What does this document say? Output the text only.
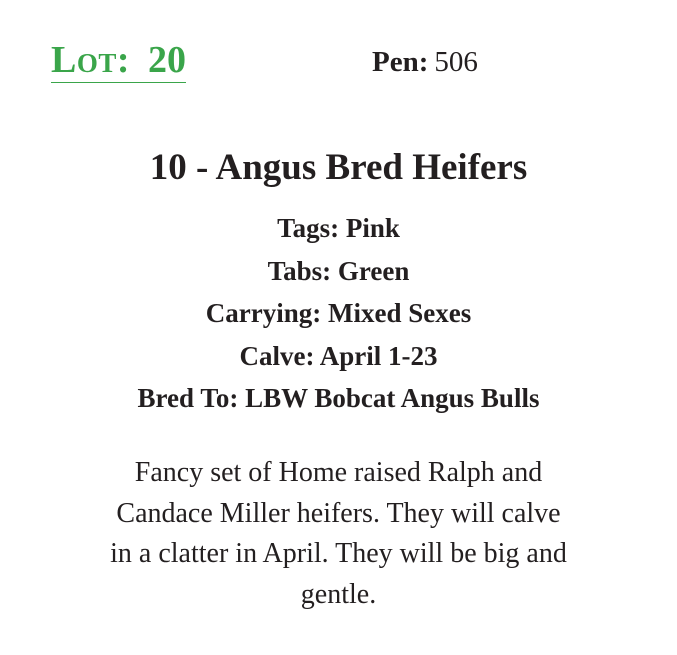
Lot: 20	Pen: 506
10 - Angus Bred Heifers
Tags: Pink
Tabs: Green
Carrying: Mixed Sexes
Calve: April 1-23
Bred To: LBW Bobcat Angus Bulls
Fancy set of Home raised Ralph and
Candace Miller heifers. They will calve
in a clatter in April. They will be big and
gentle.
